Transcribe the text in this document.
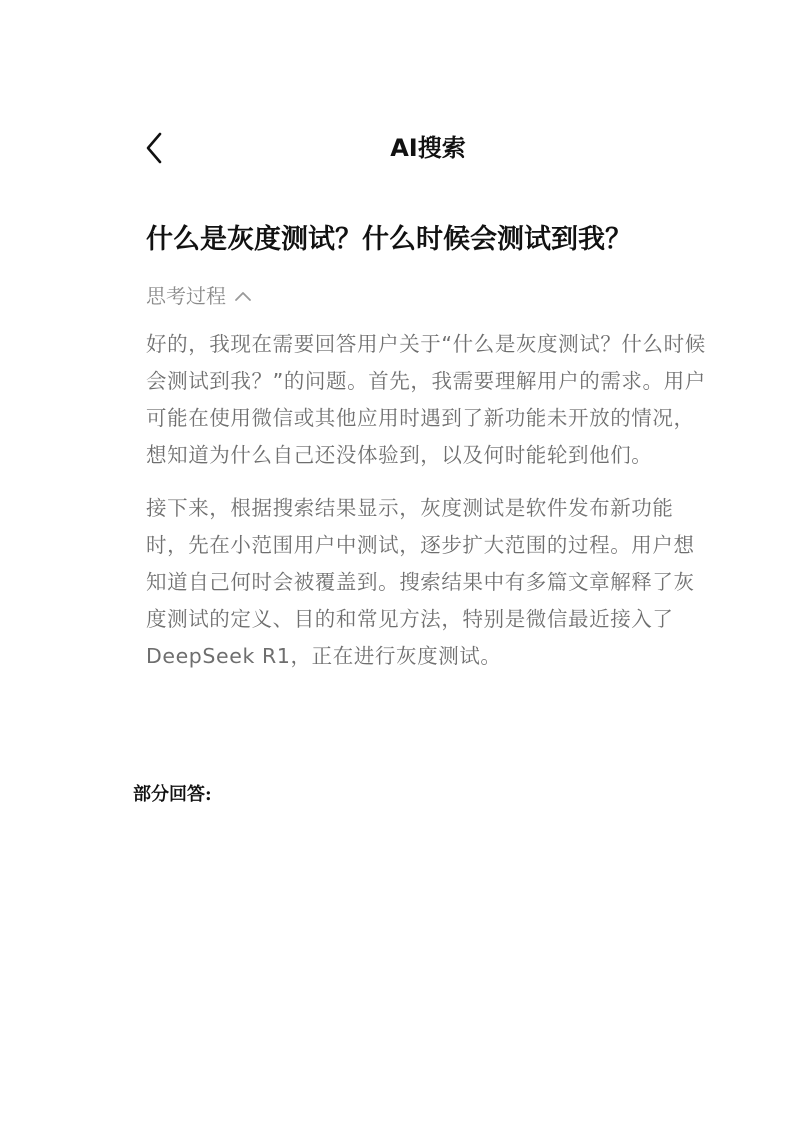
AI搜索
什么是灰度测试？什么时候会测试到我？
思考过程

好的，我现在需要回答用户关于“什么是灰度测试？什么时候会测试到我？”的问题。首先，我需要理解用户的需求。用户可能在使用微信或其他应用时遇到了新功能未开放的情况，想知道为什么自己还没体验到，以及何时能轮到他们。

接下来，根据搜索结果显示，灰度测试是软件发布新功能时，先在小范围用户中测试，逐步扩大范围的过程。用户想知道自己何时会被覆盖到。搜索结果中有多篇文章解释了灰度测试的定义、目的和常见方法，特别是微信最近接入了DeepSeek R1，正在进行灰度测试。

部分回答:
